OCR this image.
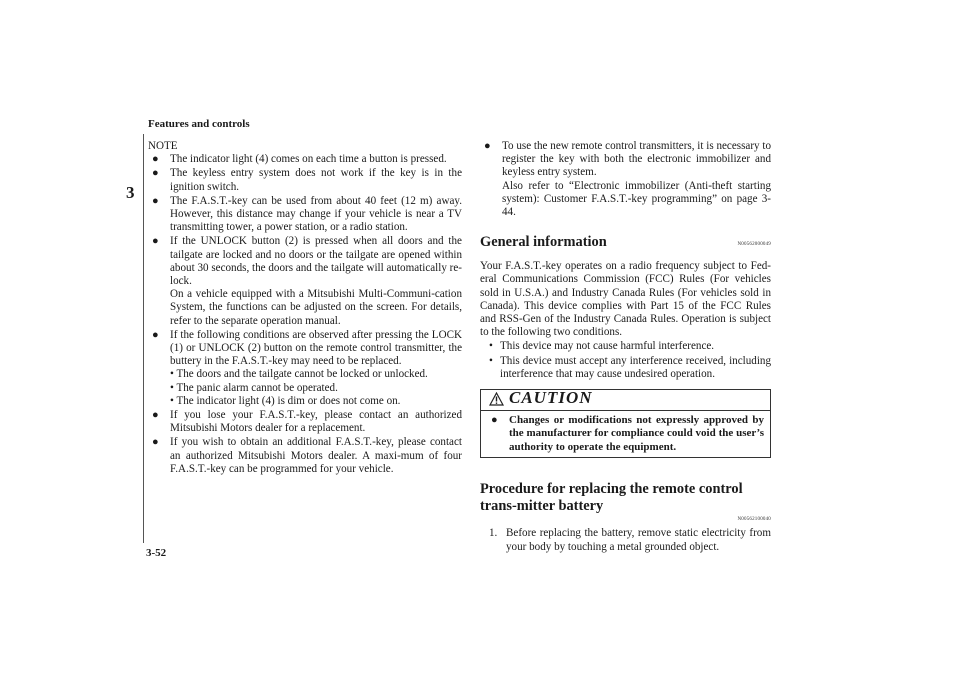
Features and controls
3
3-52
NOTE
● The indicator light (4) comes on each time a button is pressed.

● The keyless entry system does not work if the key is in the ignition switch.

● The F.A.S.T.-key can be used from about 40 feet (12 m) away. However, this distance may change if your vehicle is near a TV transmitting tower, a power station, or a radio station.

● If the UNLOCK button (2) is pressed when all doors and the tailgate are locked and no doors or the tailgate are opened within about 30 seconds, the doors and the tailgate will automatically re-lock.

On a vehicle equipped with a Mitsubishi Multi-Communi-cation System, the functions can be adjusted on the screen. For details, refer to the separate operation manual.

● If the following conditions are observed after pressing the LOCK (1) or UNLOCK (2) button on the remote control transmitter, the buttery in the F.A.S.T.-key may need to be replaced.

• The doors and the tailgate cannot be locked or unlocked.

• The panic alarm cannot be operated.

• The indicator light (4) is dim or does not come on.

● If you lose your F.A.S.T.-key, please contact an authorized Mitsubishi Motors dealer for a replacement.

● If you wish to obtain an additional F.A.S.T.-key, please contact an authorized Mitsubishi Motors dealer. A maxi-mum of four F.A.S.T.-key can be programmed for your vehicle.

● To use the new remote control transmitters, it is necessary to register the key with both the electronic immobilizer and keyless entry system.

Also refer to “Electronic immobilizer (Anti-theft starting system): Customer F.A.S.T.-key programming” on page 3-44.

General information	N00562000049

Your F.A.S.T.-key operates on a radio frequency subject to Fed-eral Communications Commission (FCC) Rules (For vehicles sold in U.S.A.) and Industry Canada Rules (For vehicles sold in Canada). This device complies with Part 15 of the FCC Rules and RSS-Gen of the Industry Canada Rules. Operation is subject to the following two conditions.

• This device may not cause harmful interference.
• This device must accept any interference received, including interference that may cause undesired operation.
CAUTION
● Changes or modifications not expressly approved by the manufacturer for compliance could void the user’s authority to operate the equipment.
Procedure for replacing the remote control trans-mitter battery
N00562100040
1. Before replacing the battery, remove static electricity from your body by touching a metal grounded object.
